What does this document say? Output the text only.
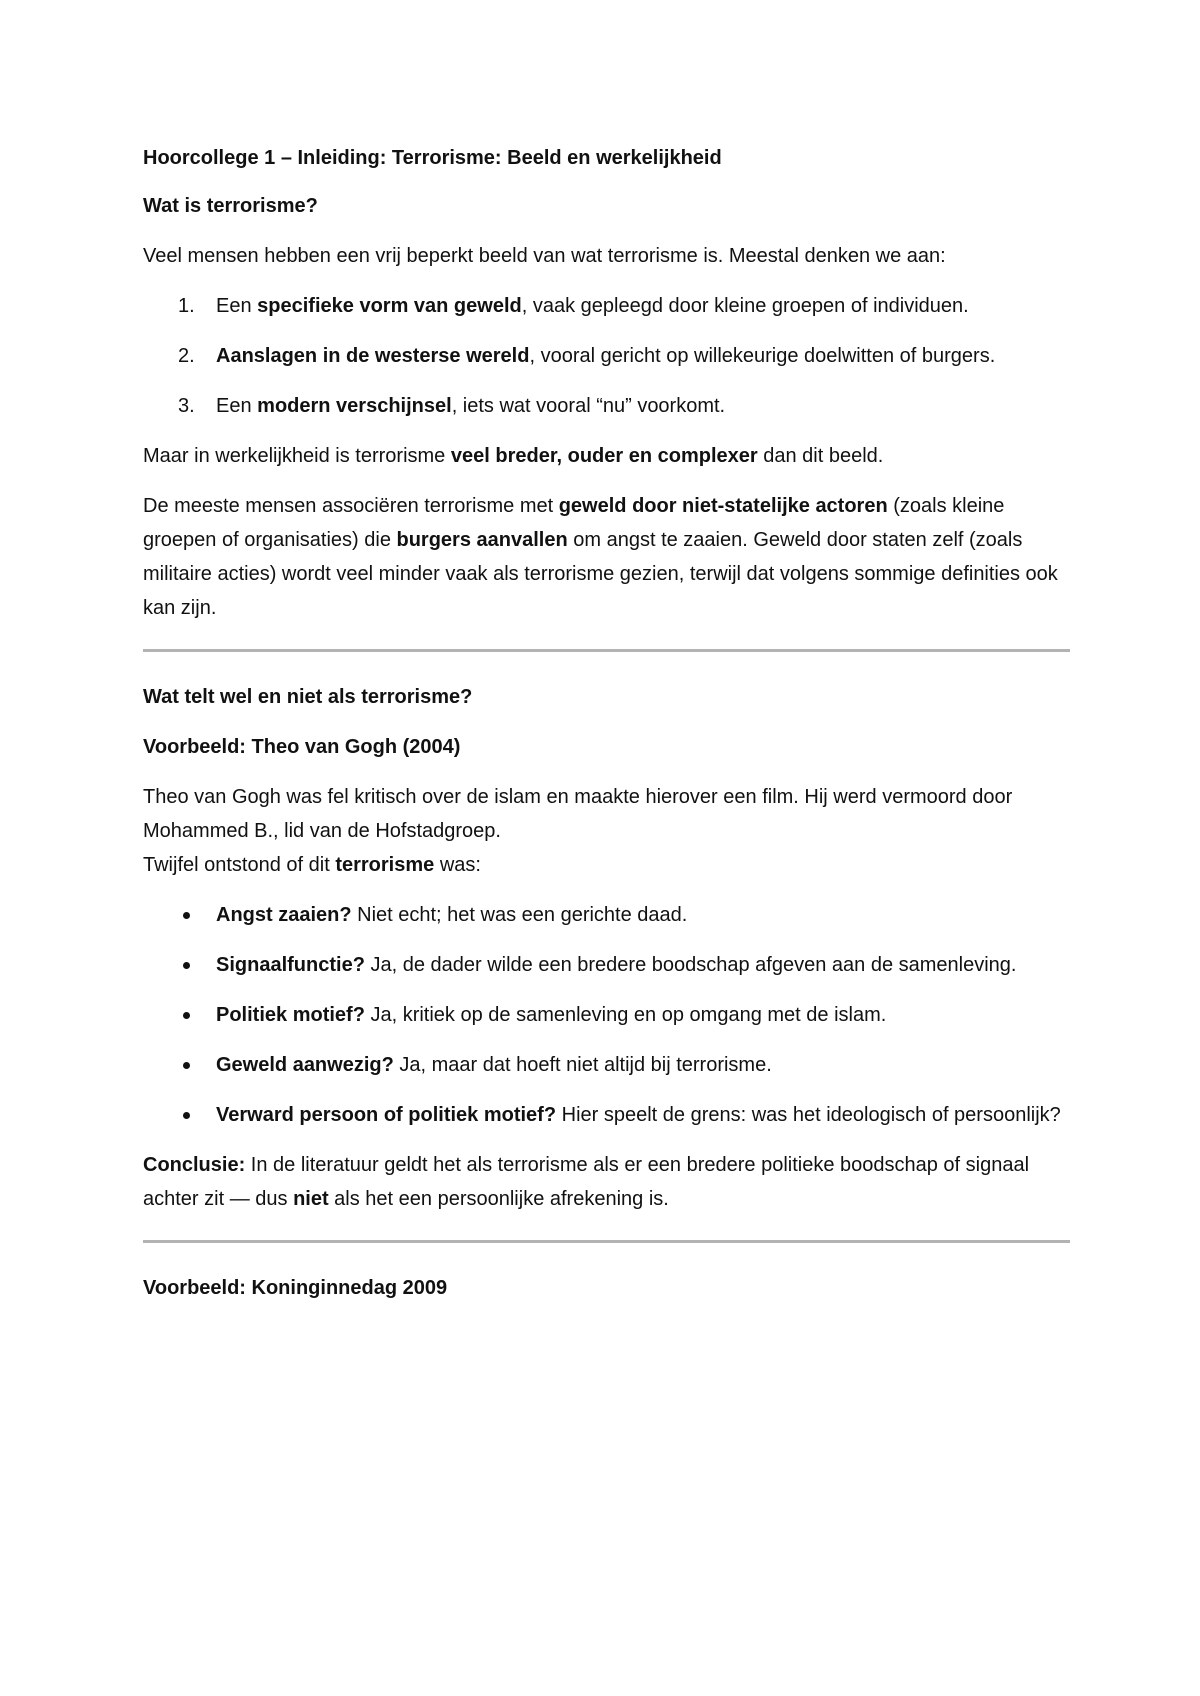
Hoorcollege 1 – Inleiding: Terrorisme: Beeld en werkelijkheid

Wat is terrorisme?

Veel mensen hebben een vrij beperkt beeld van wat terrorisme is. Meestal denken we aan:

1. Een specifieke vorm van geweld, vaak gepleegd door kleine groepen of individuen.
2. Aanslagen in de westerse wereld, vooral gericht op willekeurige doelwitten of burgers.
3. Een modern verschijnsel, iets wat vooral “nu” voorkomt.

Maar in werkelijkheid is terrorisme veel breder, ouder en complexer dan dit beeld.

De meeste mensen associëren terrorisme met geweld door niet-statelijke actoren (zoals kleine groepen of organisaties) die burgers aanvallen om angst te zaaien. Geweld door staten zelf (zoals militaire acties) wordt veel minder vaak als terrorisme gezien, terwijl dat volgens sommige definities ook kan zijn.

Wat telt wel en niet als terrorisme?

Voorbeeld: Theo van Gogh (2004)

Theo van Gogh was fel kritisch over de islam en maakte hierover een film. Hij werd vermoord door Mohammed B., lid van de Hofstadgroep.
Twijfel ontstond of dit terrorisme was:

Angst zaaien? Niet echt; het was een gerichte daad.
Signaalfunctie? Ja, de dader wilde een bredere boodschap afgeven aan de samenleving.
Politiek motief? Ja, kritiek op de samenleving en op omgang met de islam.
Geweld aanwezig? Ja, maar dat hoeft niet altijd bij terrorisme.
Verward persoon of politiek motief? Hier speelt de grens: was het ideologisch of persoonlijk?

Conclusie: In de literatuur geldt het als terrorisme als er een bredere politieke boodschap of signaal achter zit — dus niet als het een persoonlijke afrekening is.

Voorbeeld: Koninginnedag 2009
